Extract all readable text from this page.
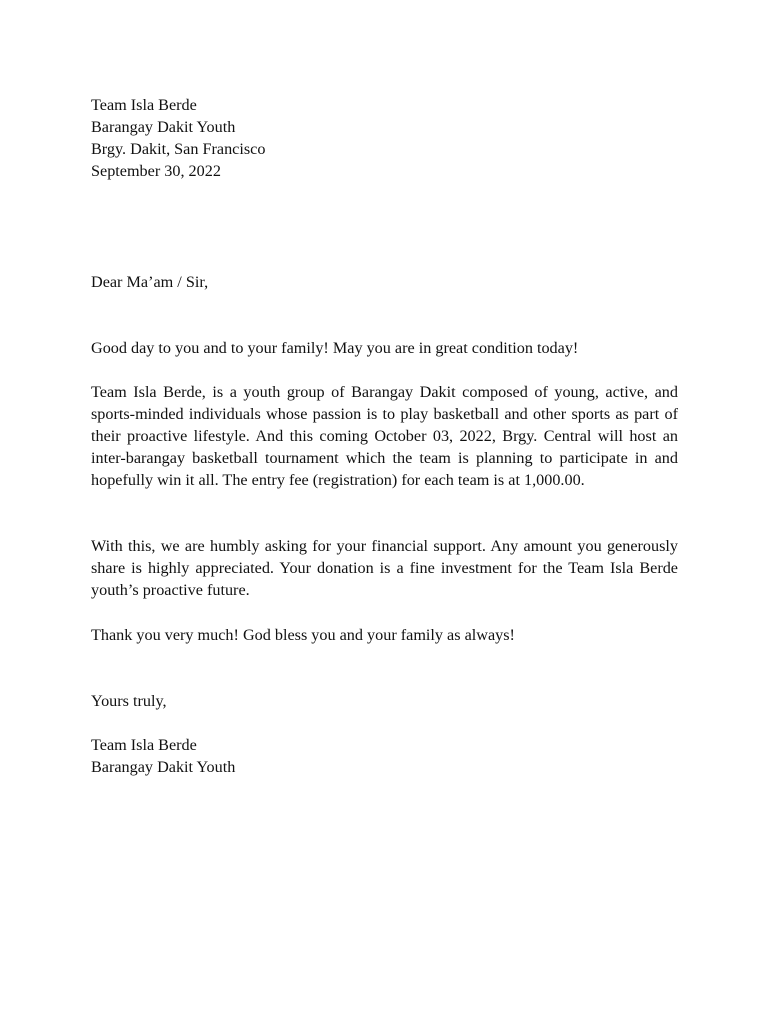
Team Isla Berde
Barangay Dakit Youth
Brgy. Dakit, San Francisco
September 30, 2022
Dear Ma’am / Sir,
Good day to you and to your family! May you are in great condition today!

Team Isla Berde, is a youth group of Barangay Dakit composed of young, active, and sports-minded individuals whose passion is to play basketball and other sports as part of their proactive lifestyle. And this coming October 03, 2022, Brgy. Central will host an inter-barangay basketball tournament which the team is planning to participate in and hopefully win it all. The entry fee (registration) for each team is at 1,000.00.

With this, we are humbly asking for your financial support. Any amount you generously share is highly appreciated. Your donation is a fine investment for the Team Isla Berde youth’s proactive future.

Thank you very much! God bless you and your family as always!
Yours truly,
Team Isla Berde
Barangay Dakit Youth
